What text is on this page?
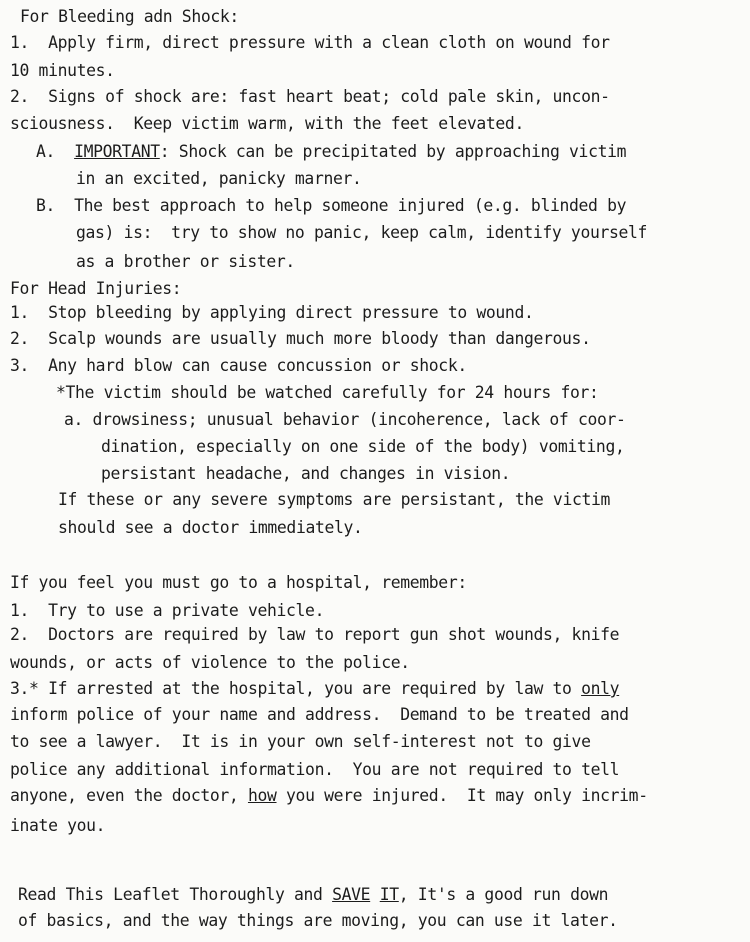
For Bleeding adn Shock:
1.  Apply firm, direct pressure with a clean cloth on wound for
10 minutes.
2.  Signs of shock are: fast heart beat; cold pale skin, uncon-
sciousness.  Keep victim warm, with the feet elevated.
A. IMPORTANT: Shock can be precipitated by approaching victim
in an excited, panicky marner.
B.  The best approach to help someone injured (e.g. blinded by
gas) is:  try to show no panic, keep calm, identify yourself
as a brother or sister.
For Head Injuries:
1.  Stop bleeding by applying direct pressure to wound.
2.  Scalp wounds are usually much more bloody than dangerous.
3.  Any hard blow can cause concussion or shock.
*The victim should be watched carefully for 24 hours for:
a. drowsiness; unusual behavior (incoherence, lack of coor-
dination, especially on one side of the body) vomiting,
persistant headache, and changes in vision.
If these or any severe symptoms are persistant, the victim
should see a doctor immediately.
If you feel you must go to a hospital, remember:
1.  Try to use a private vehicle.
2.  Doctors are required by law to report gun shot wounds, knife
wounds, or acts of violence to the police.
3.* If arrested at the hospital, you are required by law to only
inform police of your name and address.  Demand to be treated and
to see a lawyer.  It is in your own self-interest not to give
police any additional information.  You are not required to tell
anyone, even the doctor, how you were injured.  It may only incrim-
inate you.
Read This Leaflet Thoroughly and SAVE IT, It's a good run down
of basics, and the way things are moving, you can use it later.
